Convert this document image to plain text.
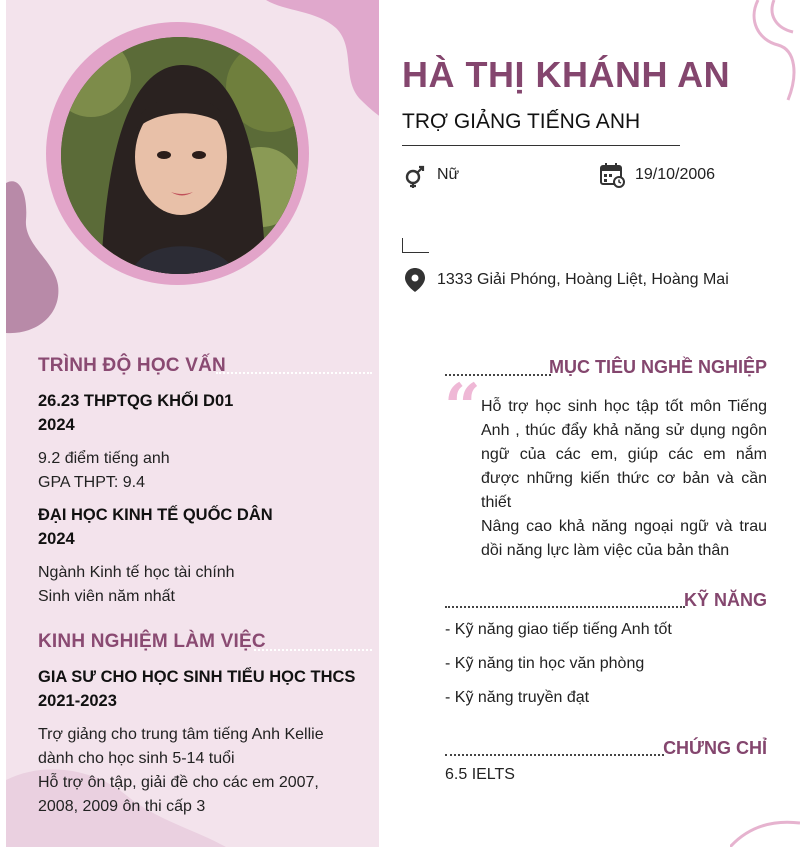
TRÌNH ĐỘ HỌC VẤN
26.23 THPTQG KHỐI D01
2024
9.2 điểm tiếng anh
GPA THPT: 9.4
ĐẠI HỌC KINH TẾ QUỐC DÂN
2024
Ngành Kinh tế học tài chính
Sinh viên năm nhất
KINH NGHIỆM LÀM VIỆC
GIA SƯ CHO HỌC SINH TIỂU HỌC THCS
2021-2023
Trợ giảng cho trung tâm tiếng Anh Kellie
dành cho học sinh 5-14 tuổi
Hỗ trợ ôn tập, giải đề cho các em 2007,
2008, 2009 ôn thi cấp 3
HÀ THỊ KHÁNH AN
TRỢ GIẢNG TIẾNG ANH
Nữ	19/10/2006
1333 Giải Phóng, Hoàng Liệt, Hoàng Mai
MỤC TIÊU NGHỀ NGHIỆP
“ Hỗ trợ học sinh học tập tốt môn Tiếng Anh , thúc đẩy khả năng sử dụng ngôn ngữ của các em, giúp các em nắm được những kiến thức cơ bản và cần thiết
Nâng cao khả năng ngoại ngữ và trau dồi năng lực làm việc của bản thân
KỸ NĂNG
- Kỹ năng giao tiếp tiếng Anh tốt
- Kỹ năng tin học văn phòng
- Kỹ năng truyền đạt
CHỨNG CHỈ
6.5 IELTS
